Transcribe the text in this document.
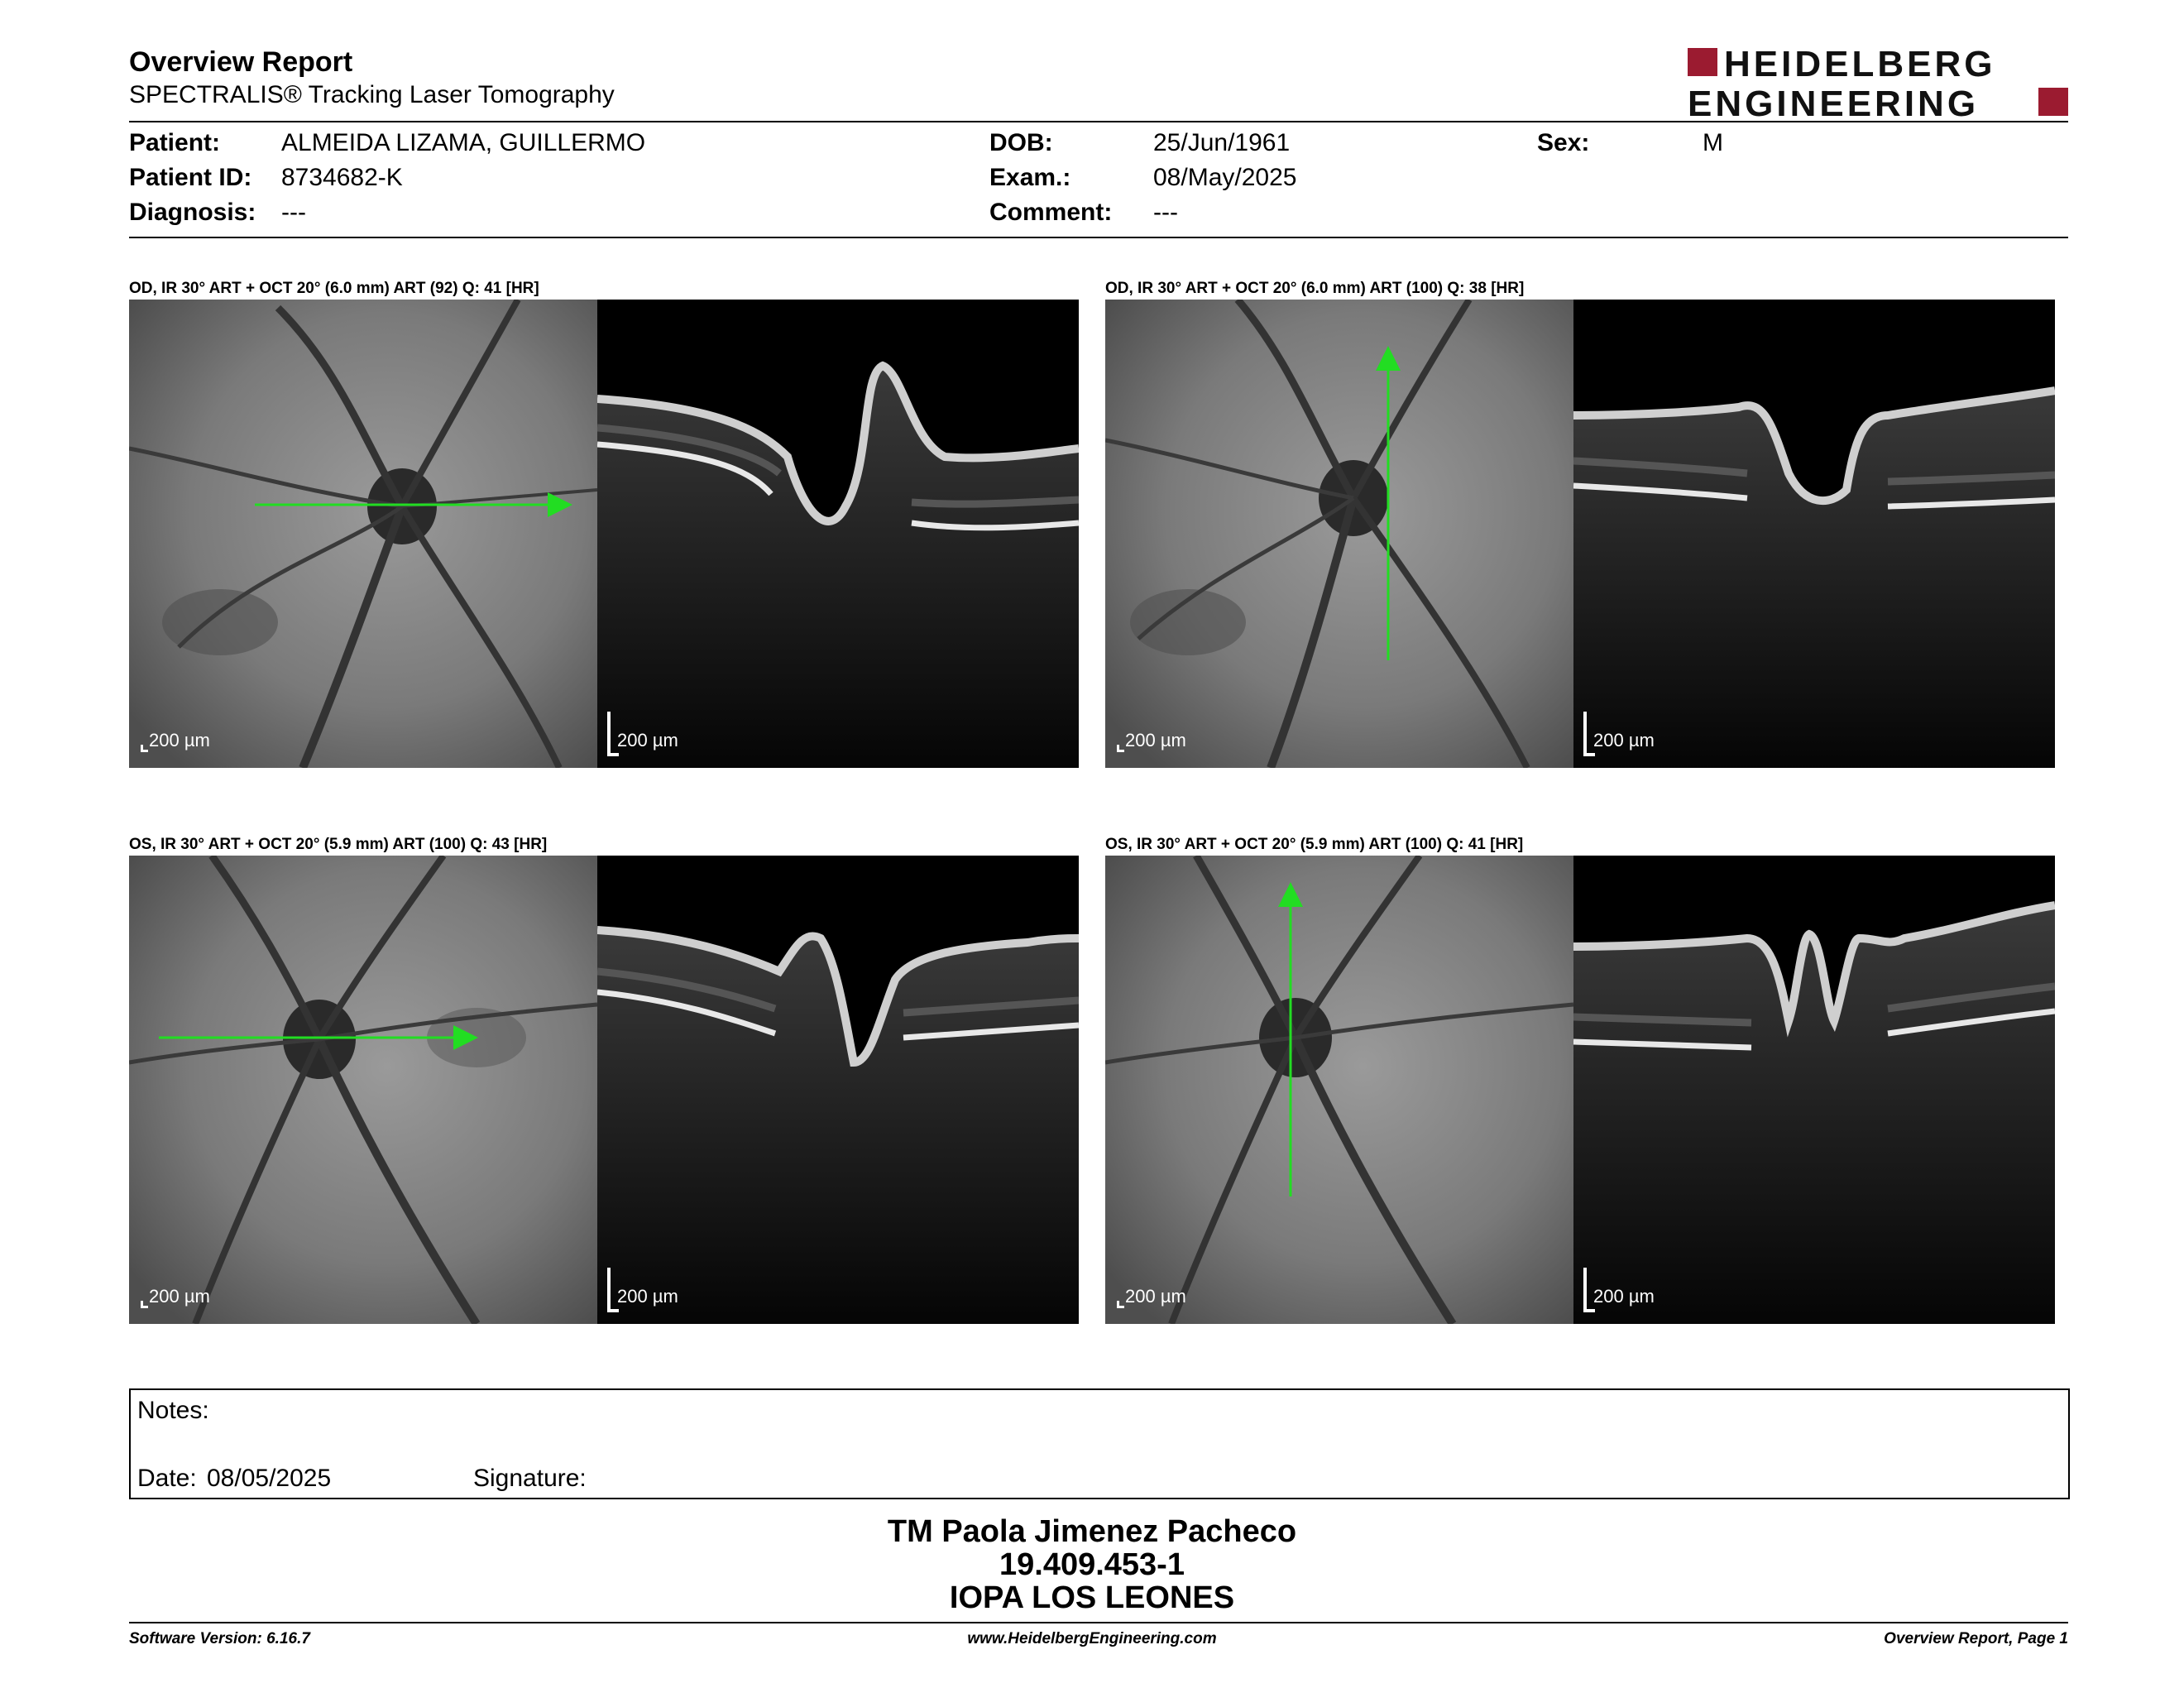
Overview Report
SPECTRALIS® Tracking Laser Tomography
HEIDELBERG
ENGINEERING
Patient: ALMEIDA LIZAMA, GUILLERMO
Patient ID: 8734682-K
Diagnosis: ---
DOB:	25/Jun/1961
Exam.:	08/May/2025
Comment: ---
Sex:	M
OD, IR 30° ART + OCT 20° (6.0 mm) ART (92) Q: 41 [HR]
200 µm	200 µm
OD, IR 30° ART + OCT 20° (6.0 mm) ART (100) Q: 38 [HR]
200 µm	200 µm
OS, IR 30° ART + OCT 20° (5.9 mm) ART (100) Q: 43 [HR]
200 µm	200 µm
OS, IR 30° ART + OCT 20° (5.9 mm) ART (100) Q: 41 [HR]
200 µm	200 µm
Notes:
Date: 08/05/2025	Signature:
TM Paola Jimenez Pacheco
19.409.453-1
IOPA LOS LEONES
Software Version: 6.16.7	www.HeidelbergEngineering.com	Overview Report, Page 1
